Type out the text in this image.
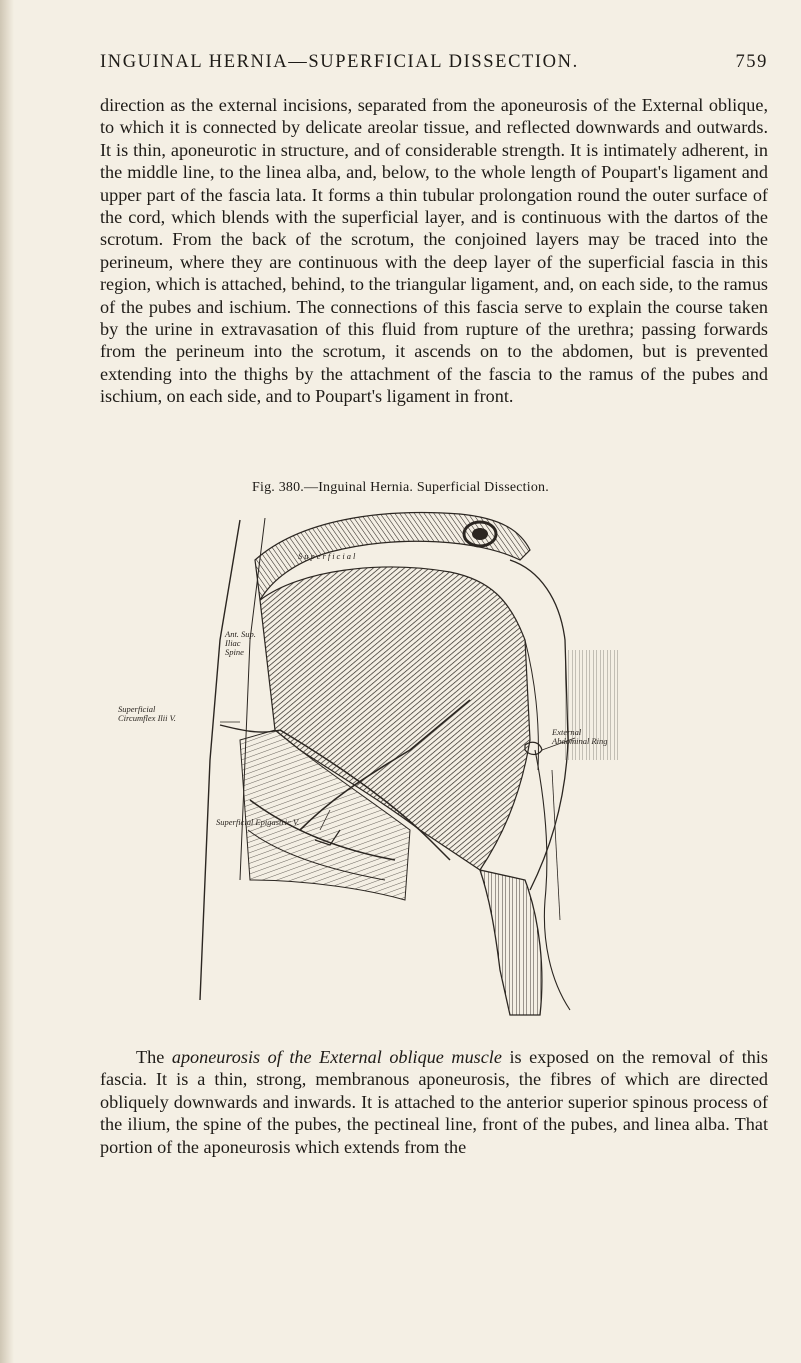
INGUINAL HERNIA—SUPERFICIAL DISSECTION.	759

direction as the external incisions, separated from the aponeurosis of the External oblique, to which it is connected by delicate areolar tissue, and reflected downwards and outwards. It is thin, aponeurotic in structure, and of considerable strength. It is intimately adherent, in the middle line, to the linea alba, and, below, to the whole length of Poupart's ligament and upper part of the fascia lata. It forms a thin tubular prolongation round the outer surface of the cord, which blends with the superficial layer, and is continuous with the dartos of the scrotum. From the back of the scrotum, the conjoined layers may be traced into the perineum, where they are continuous with the deep layer of the superficial fascia in this region, which is attached, behind, to the triangular ligament, and, on each side, to the ramus of the pubes and ischium. The connections of this fascia serve to explain the course taken by the urine in extravasation of this fluid from rupture of the urethra; passing forwards from the perineum into the scrotum, it ascends on to the abdomen, but is prevented extending into the thighs by the attachment of the fascia to the ramus of the pubes and ischium, on each side, and to Poupart's ligament in front.

Fig. 380.—Inguinal Hernia. Superficial Dissection.
Superficial
Ant. Sup. Iliac Spine
Superficial Circumflex Ilii V.
External Abdominal Ring
Superficial Epigastric V.

The aponeurosis of the External oblique muscle is exposed on the removal of this fascia. It is a thin, strong, membranous aponeurosis, the fibres of which are directed obliquely downwards and inwards. It is attached to the anterior superior spinous process of the ilium, the spine of the pubes, the pectineal line, front of the pubes, and linea alba. That portion of the aponeurosis which extends from the
